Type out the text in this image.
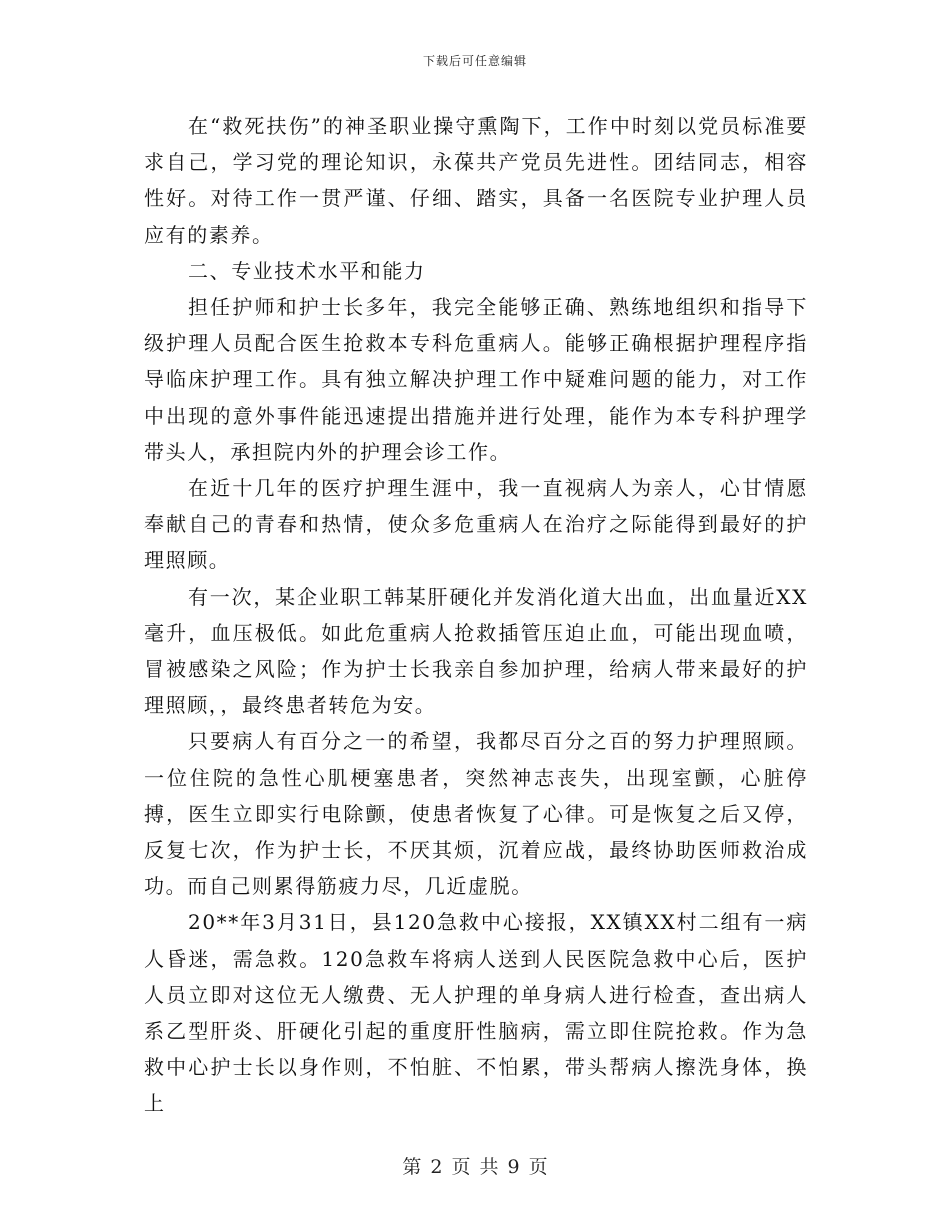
下载后可任意编辑

在“救死扶伤”的神圣职业操守熏陶下，工作中时刻以党员标准要求自己，学习党的理论知识，永葆共产党员先进性。团结同志，相容性好。对待工作一贯严谨、仔细、踏实，具备一名医院专业护理人员应有的素养。

二、专业技术水平和能力

担任护师和护士长多年，我完全能够正确、熟练地组织和指导下级护理人员配合医生抢救本专科危重病人。能够正确根据护理程序指导临床护理工作。具有独立解决护理工作中疑难问题的能力，对工作中出现的意外事件能迅速提出措施并进行处理，能作为本专科护理学带头人，承担院内外的护理会诊工作。

在近十几年的医疗护理生涯中，我一直视病人为亲人，心甘情愿奉献自己的青春和热情，使众多危重病人在治疗之际能得到最好的护理照顾。

有一次，某企业职工韩某肝硬化并发消化道大出血，出血量近XX毫升，血压极低。如此危重病人抢救插管压迫止血，可能出现血喷，冒被感染之风险；作为护士长我亲自参加护理，给病人带来最好的护理照顾，，最终患者转危为安。

只要病人有百分之一的希望，我都尽百分之百的努力护理照顾。一位住院的急性心肌梗塞患者，突然神志丧失，出现室颤，心脏停搏，医生立即实行电除颤，使患者恢复了心律。可是恢复之后又停，反复七次，作为护士长，不厌其烦，沉着应战，最终协助医师救治成功。而自己则累得筋疲力尽，几近虚脱。

20**年3月31日，县120急救中心接报，XX镇XX村二组有一病人昏迷，需急救。120急救车将病人送到人民医院急救中心后，医护人员立即对这位无人缴费、无人护理的单身病人进行检查，查出病人系乙型肝炎、肝硬化引起的重度肝性脑病，需立即住院抢救。作为急救中心护士长以身作则，不怕脏、不怕累，带头帮病人擦洗身体，换上

第 2 页 共 9 页
